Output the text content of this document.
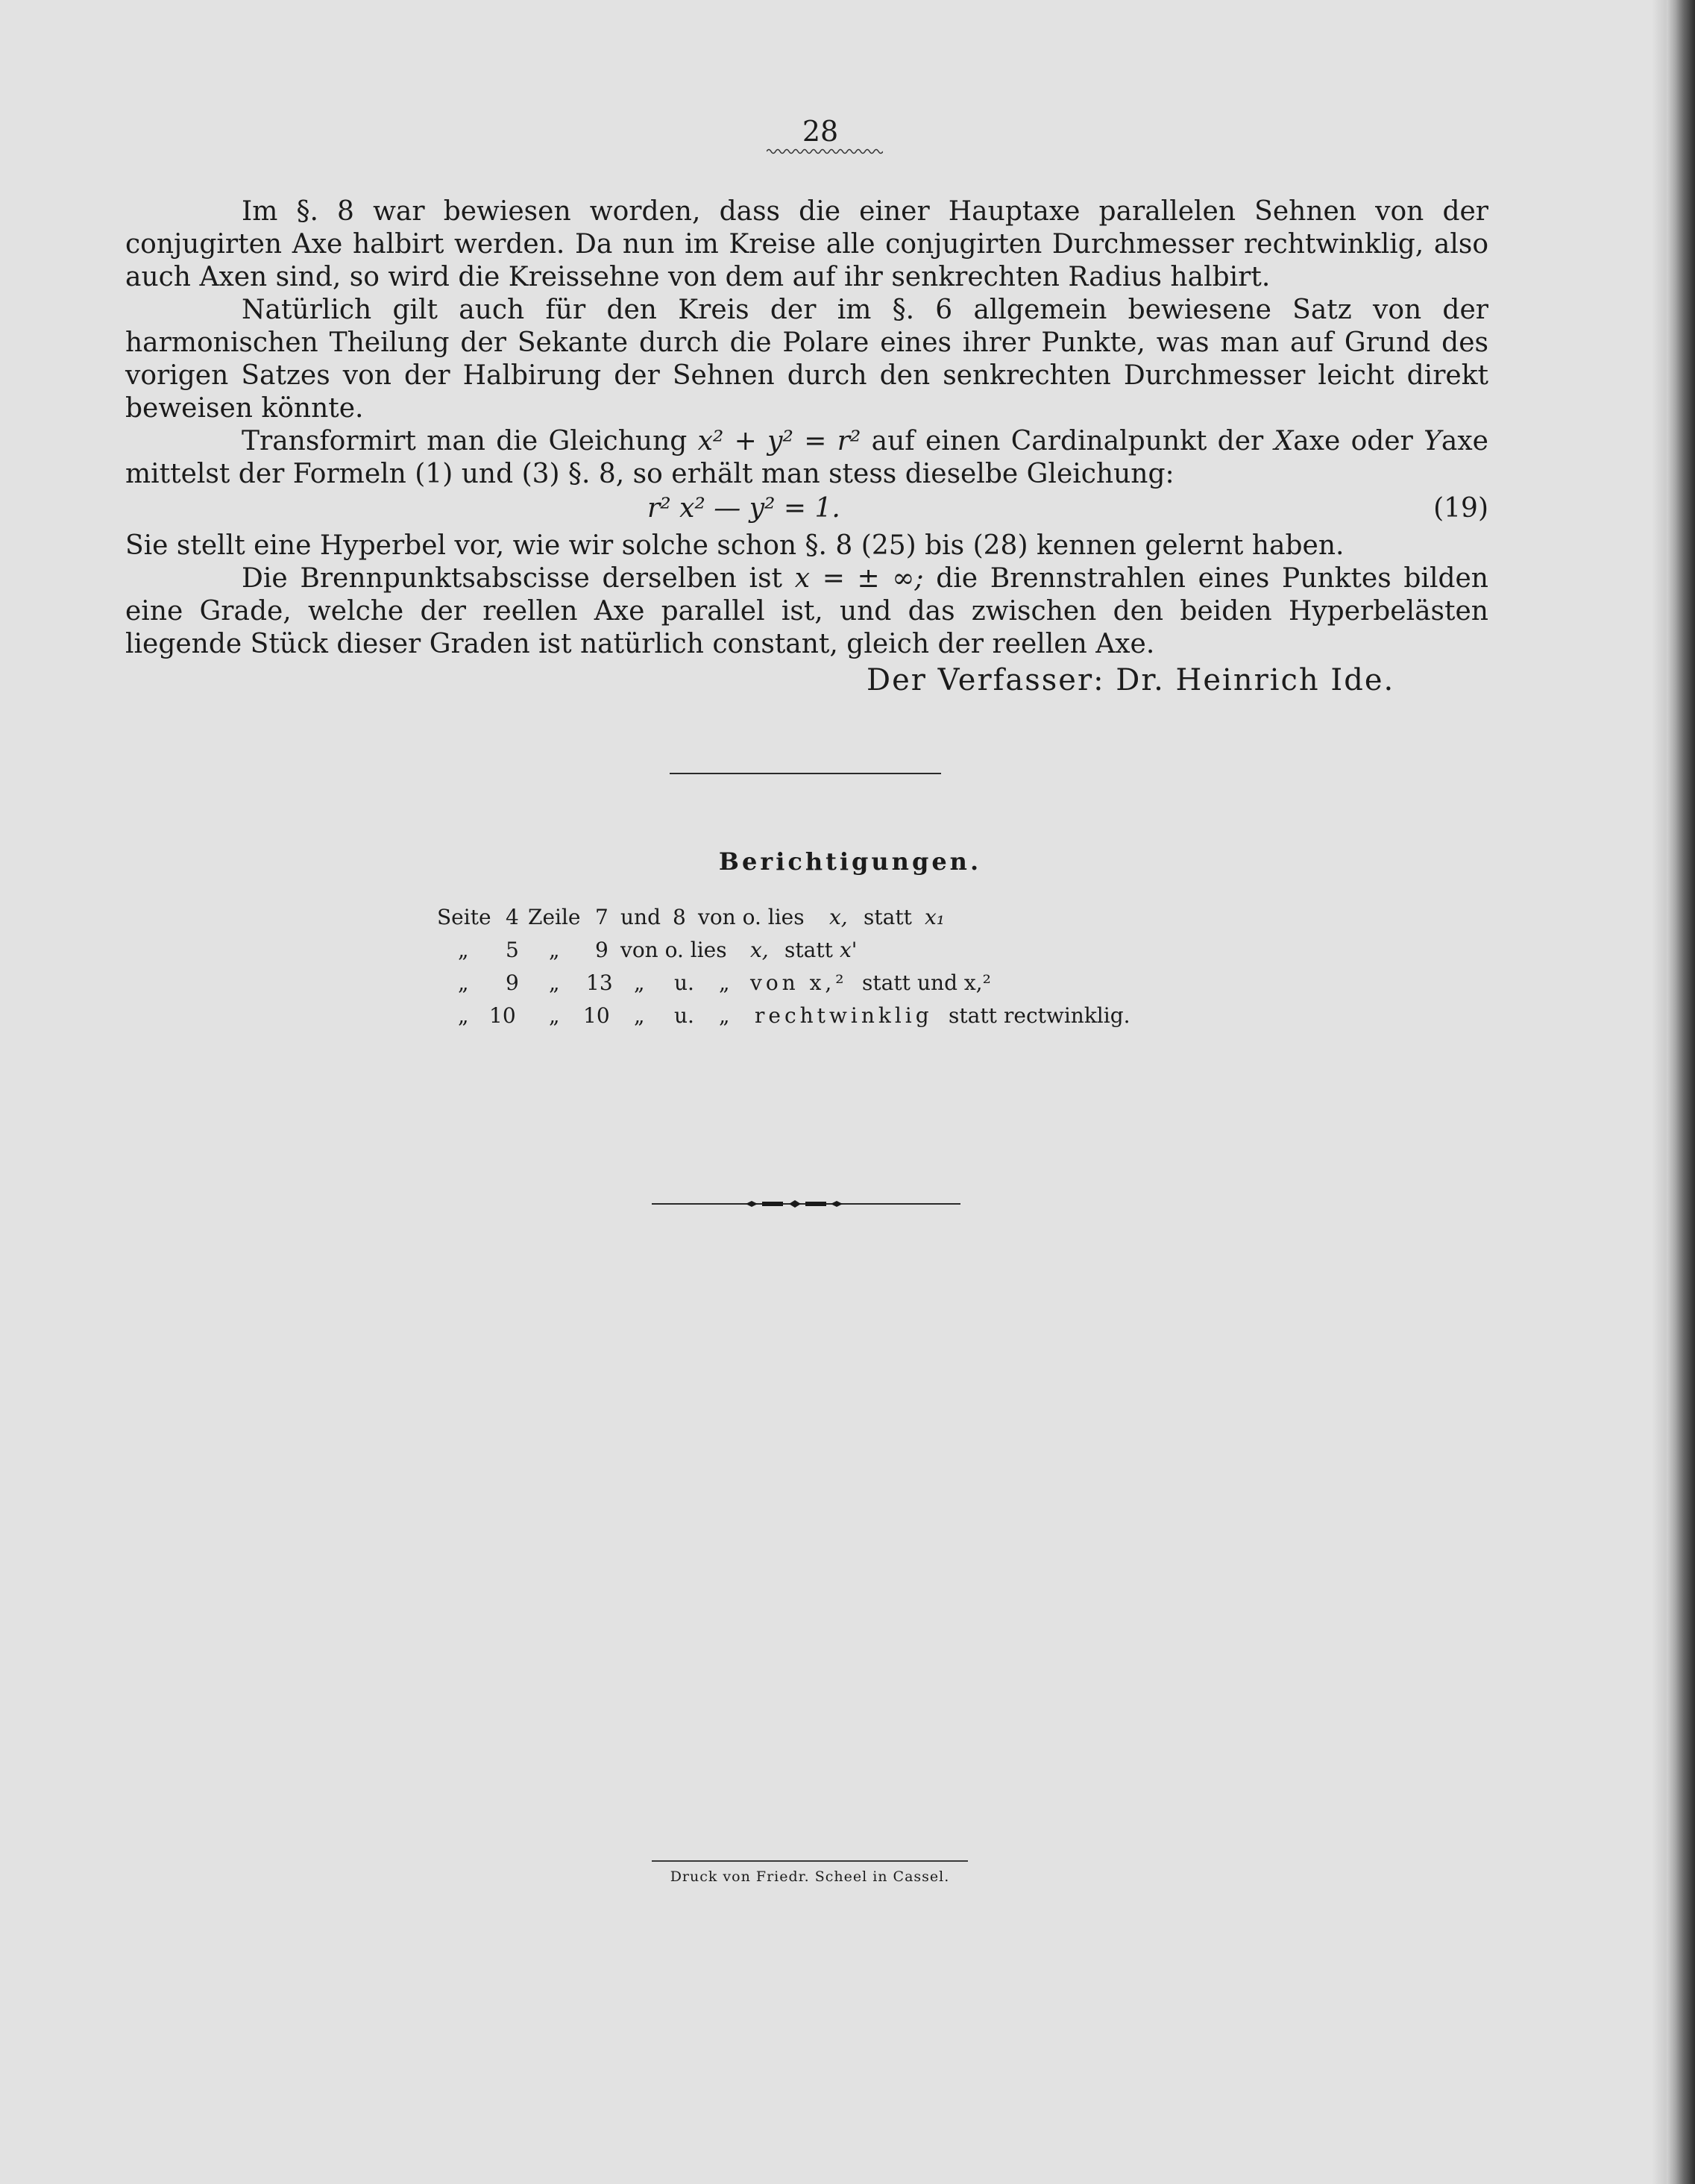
28

Im §. 8 war bewiesen worden, dass die einer Hauptaxe parallelen Sehnen von der conjugirten Axe halbirt werden. Da nun im Kreise alle conjugirten Durchmesser rechtwinklig, also auch Axen sind, so wird die Kreissehne von dem auf ihr senkrechten Radius halbirt.

Natürlich gilt auch für den Kreis der im §. 6 allgemein bewiesene Satz von der harmonischen Theilung der Sekante durch die Polare eines ihrer Punkte, was man auf Grund des vorigen Satzes von der Halbirung der Sehnen durch den senkrechten Durchmesser leicht direkt beweisen könnte.

Transformirt man die Gleichung x² + y² = r² auf einen Cardinalpunkt der Xaxe oder Yaxe mittelst der Formeln (1) und (3) §. 8, so erhält man stess dieselbe Gleichung:

r² x² — y² = 1.	(19)

Sie stellt eine Hyperbel vor, wie wir solche schon §. 8 (25) bis (28) kennen gelernt haben.

Die Brennpunktsabscisse derselben ist x = ± ∞; die Brennstrahlen eines Punktes bilden eine Grade, welche der reellen Axe parallel ist, und das zwischen den beiden Hyperbelästen liegende Stück dieser Graden ist natürlich constant, gleich der reellen Axe.

Der Verfasser: Dr. Heinrich Ide.
Berichtigungen.
Seite 4 Zeile 7 und 8 von o. lies x, statt x₁
„ 5 „ 9 von o. lies x, statt x'
„ 9 „ 13 „ u. „ von x,² statt und x,²
„ 10 „ 10 „ u. „ rechtwinklig statt rectwinklig.
Druck von Friedr. Scheel in Cassel.
